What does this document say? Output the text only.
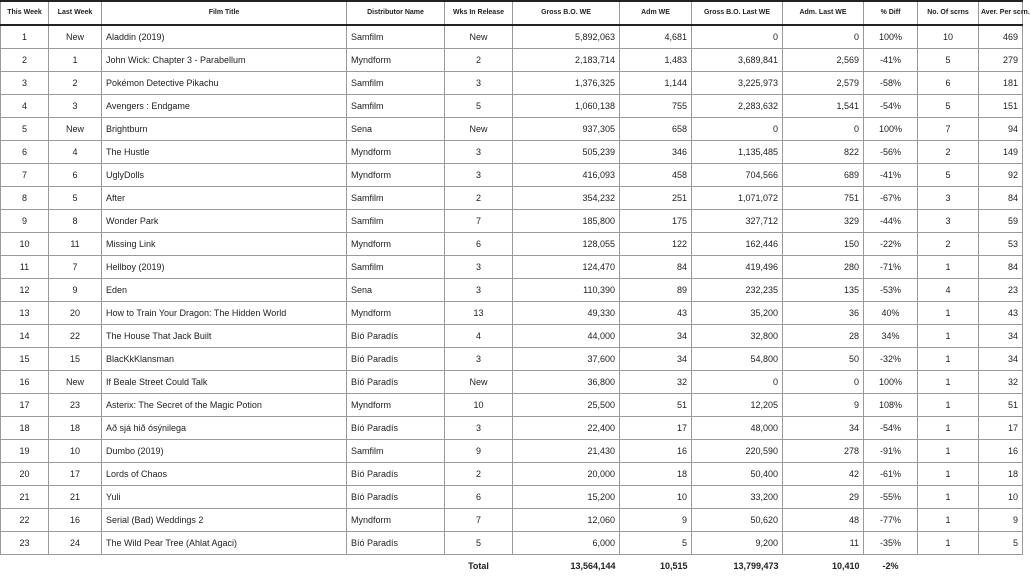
This Week	Last Week	Film Title	Distributor Name	Wks In Release	Gross B.O. WE	Adm WE	Gross B.O. Last WE	Adm. Last WE	% Diff	No. Of scrns	Aver. Per scrn.
1	New	Aladdin (2019)	Samfilm	New	5,892,063	4,681	0	0	100%	10	469
2	1	John Wick: Chapter 3 - Parabellum	Myndform	2	2,183,714	1,483	3,689,841	2,569	-41%	5	279
3	2	Pokémon Detective Pikachu	Samfilm	3	1,376,325	1,144	3,225,973	2,579	-58%	6	181
4	3	Avengers : Endgame	Samfilm	5	1,060,138	755	2,283,632	1,541	-54%	5	151
5	New	Brightburn	Sena	New	937,305	658	0	0	100%	7	94
6	4	The Hustle	Myndform	3	505,239	346	1,135,485	822	-56%	2	149
7	6	UglyDolls	Myndform	3	416,093	458	704,566	689	-41%	5	92
8	5	After	Samfilm	2	354,232	251	1,071,072	751	-67%	3	84
9	8	Wonder Park	Samfilm	7	185,800	175	327,712	329	-44%	3	59
10	11	Missing Link	Myndform	6	128,055	122	162,446	150	-22%	2	53
11	7	Hellboy (2019)	Samfilm	3	124,470	84	419,496	280	-71%	1	84
12	9	Eden	Sena	3	110,390	89	232,235	135	-53%	4	23
13	20	How to Train Your Dragon: The Hidden World	Myndform	13	49,330	43	35,200	36	40%	1	43
14	22	The House That Jack Built	Bíó Paradís	4	44,000	34	32,800	28	34%	1	34
15	15	BlacKkKlansman	Bíó Paradís	3	37,600	34	54,800	50	-32%	1	34
16	New	If Beale Street Could Talk	Bíó Paradís	New	36,800	32	0	0	100%	1	32
17	23	Asterix: The Secret of the Magic Potion	Myndform	10	25,500	51	12,205	9	108%	1	51
18	18	Að sjá hið ósýnilega	Bíó Paradís	3	22,400	17	48,000	34	-54%	1	17
19	10	Dumbo (2019)	Samfilm	9	21,430	16	220,590	278	-91%	1	16
20	17	Lords of Chaos	Bíó Paradís	2	20,000	18	50,400	42	-61%	1	18
21	21	Yuli	Bíó Paradís	6	15,200	10	33,200	29	-55%	1	10
22	16	Serial (Bad) Weddings 2	Myndform	7	12,060	9	50,620	48	-77%	1	9
23	24	The Wild Pear Tree (Ahlat Agaci)	Bíó Paradís	5	6,000	5	9,200	11	-35%	1	5
				Total	13,564,144	10,515	13,799,473	10,410	-2%		
